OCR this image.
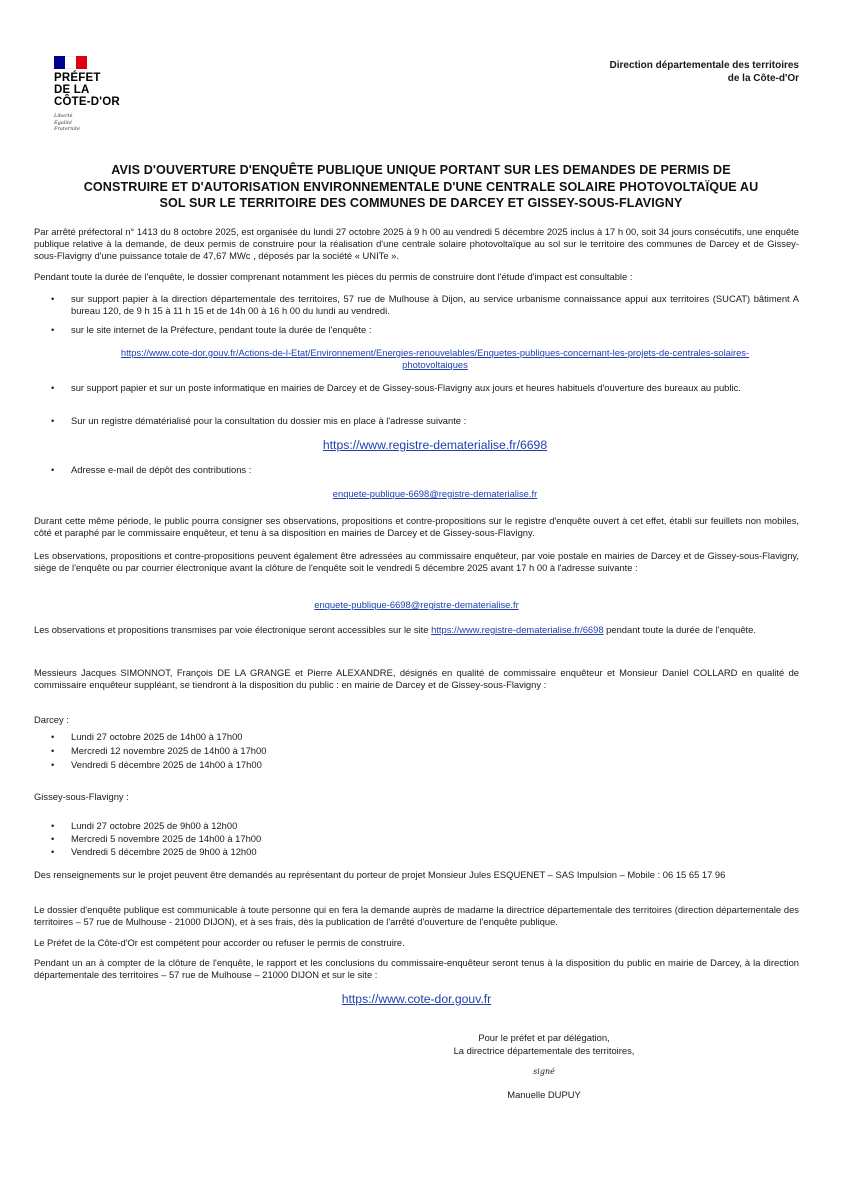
PRÉFET
DE LA
CÔTE-D'OR
Liberté
Égalité
Fraternité
Direction départementale des territoires
de la Côte-d'Or
AVIS D'OUVERTURE D'ENQUÊTE PUBLIQUE UNIQUE PORTANT SUR LES DEMANDES DE PERMIS DE
CONSTRUIRE ET D'AUTORISATION ENVIRONNEMENTALE D'UNE CENTRALE SOLAIRE PHOTOVOLTAÏQUE AU
SOL SUR LE TERRITOIRE DES COMMUNES DE DARCEY ET GISSEY-SOUS-FLAVIGNY
Par arrêté préfectoral n° 1413 du 8 octobre 2025, est organisée du lundi 27 octobre 2025 à 9 h 00 au vendredi 5 décembre 2025 inclus à 17 h 00, soit 34 jours consécutifs, une enquête publique relative à la demande, de deux permis de construire pour la réalisation d'une centrale solaire photovoltaïque au sol sur le territoire des communes de Darcey et de Gissey-sous-Flavigny d'une puissance totale de 47,67 MWc , déposés par la société « UNITe ».
Pendant toute la durée de l'enquête, le dossier comprenant notamment les pièces du permis de construire dont l'étude d'impact est consultable :
• sur support papier à la direction départementale des territoires, 57 rue de Mulhouse à Dijon, au service urbanisme connaissance appui aux territoires (SUCAT) bâtiment A bureau 120, de 9 h 15 à 11 h 15 et de 14h 00 à 16 h 00 du lundi au vendredi.
• sur le site internet de la Préfecture, pendant toute la durée de l'enquête :
https://www.cote-dor.gouv.fr/Actions-de-l-Etat/Environnement/Energies-renouvelables/Enquetes-publiques-concernant-les-projets-de-centrales-solaires-
photovoltaiques
• sur support papier et sur un poste informatique en mairies de Darcey et de Gissey-sous-Flavigny aux jours et heures habituels d'ouverture des bureaux au public.
• Sur un registre dématérialisé pour la consultation du dossier mis en place à l'adresse suivante :
https://www.registre-dematerialise.fr/6698
• Adresse e-mail de dépôt des contributions :
enquete-publique-6698@registre-dematerialise.fr
Durant cette même période, le public pourra consigner ses observations, propositions et contre-propositions sur le registre d'enquête ouvert à cet effet, établi sur feuillets non mobiles, côté et paraphé par le commissaire enquêteur, et tenu à sa disposition en mairies de Darcey et de Gissey-sous-Flavigny.
Les observations, propositions et contre-propositions peuvent également être adressées au commissaire enquêteur, par voie postale en mairies de Darcey et de Gissey-sous-Flavigny, siège de l'enquête ou par courrier électronique avant la clôture de l'enquête soit le vendredi 5 décembre 2025 avant 17 h 00 à l'adresse suivante :
enquete-publique-6698@registre-dematerialise.fr
Les observations et propositions transmises par voie électronique seront accessibles sur le site https://www.registre-dematerialise.fr/6698 pendant toute la durée de l'enquête.
Messieurs Jacques SIMONNOT, François DE LA GRANGE et Pierre ALEXANDRE, désignés en qualité de commissaire enquêteur et Monsieur Daniel COLLARD en qualité de commissaire enquêteur suppléant, se tiendront à la disposition du public : en mairie de Darcey et de Gissey-sous-Flavigny :
Darcey :
• Lundi 27 octobre 2025 de 14h00 à 17h00
• Mercredi 12 novembre 2025 de 14h00 à 17h00
• Vendredi 5 décembre 2025 de 14h00 à 17h00
Gissey-sous-Flavigny :
• Lundi 27 octobre 2025 de 9h00 à 12h00
• Mercredi 5 novembre 2025 de 14h00 à 17h00
• Vendredi 5 décembre 2025 de 9h00 à 12h00
Des renseignements sur le projet peuvent être demandés au représentant du porteur de projet Monsieur Jules ESQUENET – SAS Impulsion – Mobile : 06 15 65 17 96
Le dossier d'enquête publique est communicable à toute personne qui en fera la demande auprès de madame la directrice départementale des territoires (direction départementale des territoires – 57 rue de Mulhouse - 21000 DIJON), et à ses frais, dès la publication de l'arrêté d'ouverture de l'enquête publique.
Le Préfet de la Côte-d'Or est compétent pour accorder ou refuser le permis de construire.
Pendant un an à compter de la clôture de l'enquête, le rapport et les conclusions du commissaire-enquêteur seront tenus à la disposition du public en mairie de Darcey, à la direction départementale des territoires – 57 rue de Mulhouse – 21000 DIJON et sur le site :
https://www.cote-dor.gouv.fr
Pour le préfet et par délégation,
La directrice départementale des territoires,
signé
Manuelle DUPUY
